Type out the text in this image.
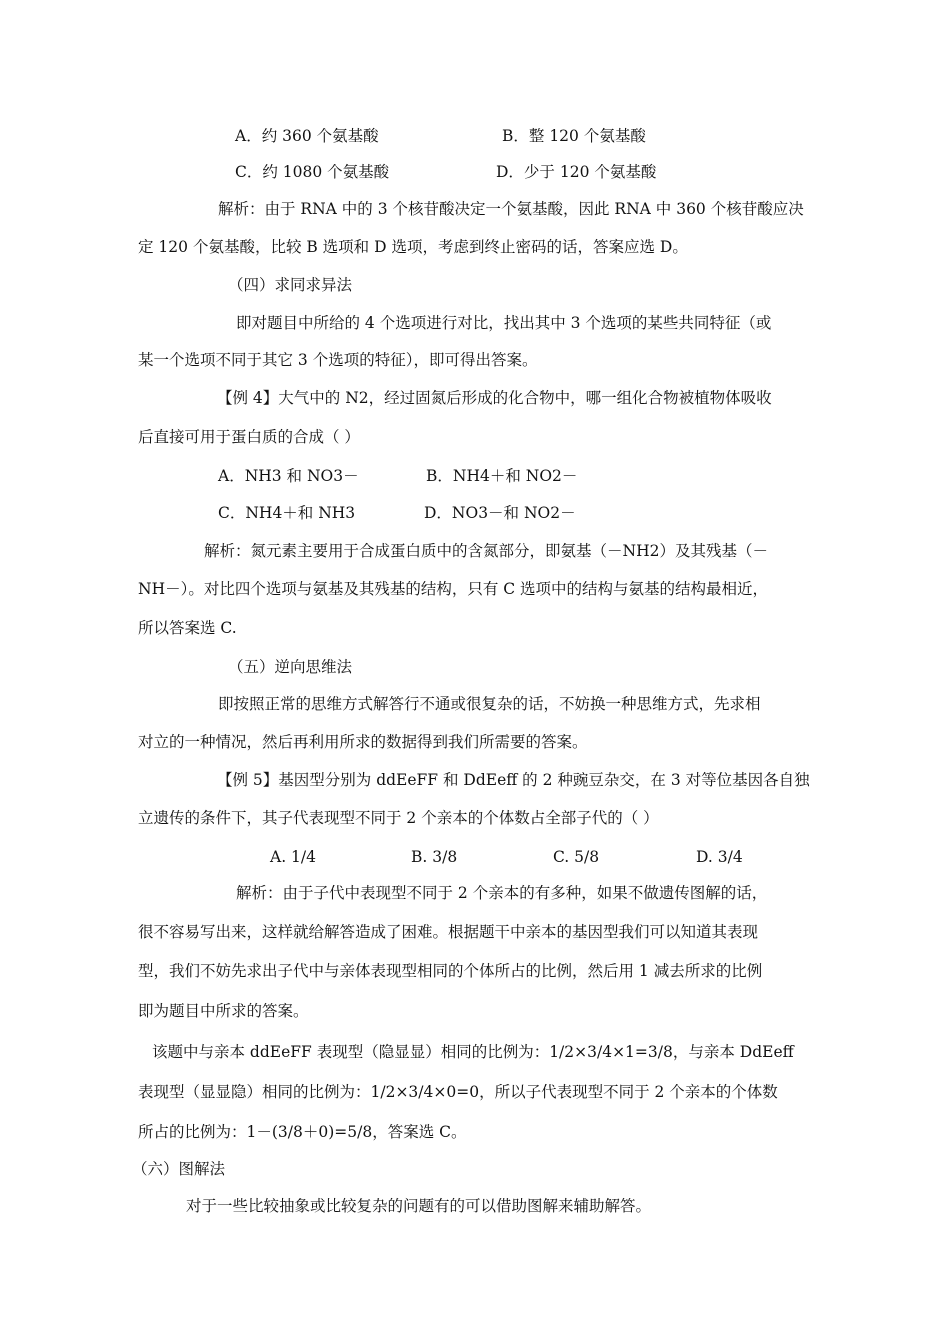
A．约 360 个氨基酸	B．整 120 个氨基酸
C．约 1080 个氨基酸	D．少于 120 个氨基酸
解析：由于 RNA 中的 3 个核苷酸决定一个氨基酸，因此 RNA 中 360 个核苷酸应决
定 120 个氨基酸，比较 B 选项和 D 选项，考虑到终止密码的话，答案应选 D。
（四）求同求异法
即对题目中所给的 4 个选项进行对比，找出其中 3 个选项的某些共同特征（或
某一个选项不同于其它 3 个选项的特征），即可得出答案。
【例 4】大气中的 N2，经过固氮后形成的化合物中，哪一组化合物被植物体吸收
后直接可用于蛋白质的合成（ ）
A．NH3 和 NO3－	B．NH4＋和 NO2－
C．NH4＋和 NH3	D．NO3－和 NO2－
解析：氮元素主要用于合成蛋白质中的含氮部分，即氨基（－NH2）及其残基（－
NH－）。对比四个选项与氨基及其残基的结构，只有 C 选项中的结构与氨基的结构最相近，
所以答案选 C.
（五）逆向思维法
即按照正常的思维方式解答行不通或很复杂的话，不妨换一种思维方式，先求相
对立的一种情况，然后再利用所求的数据得到我们所需要的答案。
【例 5】基因型分别为 ddEeFF 和 DdEeff 的 2 种豌豆杂交，在 3 对等位基因各自独
立遗传的条件下，其子代表现型不同于 2 个亲本的个体数占全部子代的（ ）
A. 1/4	B. 3/8	C. 5/8	D. 3/4
解析：由于子代中表现型不同于 2 个亲本的有多种，如果不做遗传图解的话，
很不容易写出来，这样就给解答造成了困难。根据题干中亲本的基因型我们可以知道其表现
型，我们不妨先求出子代中与亲体表现型相同的个体所占的比例，然后用 1 减去所求的比例
即为题目中所求的答案。
该题中与亲本 ddEeFF 表现型（隐显显）相同的比例为：1/2×3/4×1=3/8，与亲本 DdEeff
表现型（显显隐）相同的比例为：1/2×3/4×0=0，所以子代表现型不同于 2 个亲本的个体数
所占的比例为：1－(3/8＋0)=5/8，答案选 C。
（六）图解法
对于一些比较抽象或比较复杂的问题有的可以借助图解来辅助解答。
